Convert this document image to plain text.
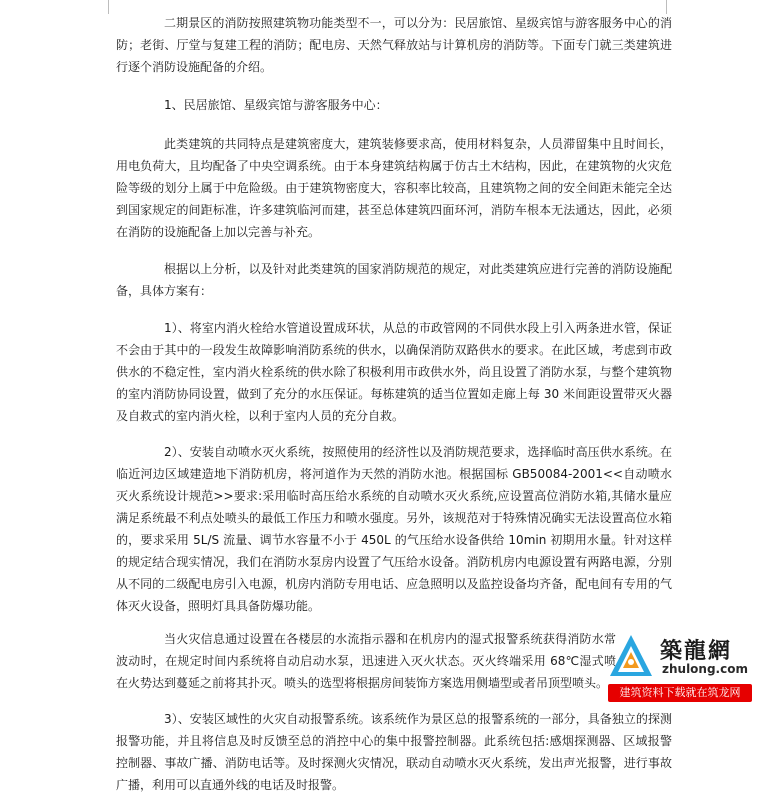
二期景区的消防按照建筑物功能类型不一，可以分为：民居旅馆、星级宾馆与游客服务中心的消防；老街、厅堂与复建工程的消防；配电房、天然气释放站与计算机房的消防等。下面专门就三类建筑进行逐个消防设施配备的介绍。

1、民居旅馆、星级宾馆与游客服务中心：

此类建筑的共同特点是建筑密度大，建筑装修要求高，使用材料复杂，人员滞留集中且时间长，用电负荷大，且均配备了中央空调系统。由于本身建筑结构属于仿古土木结构，因此，在建筑物的火灾危险等级的划分上属于中危险级。由于建筑物密度大，容积率比较高，且建筑物之间的安全间距未能完全达到国家规定的间距标准，许多建筑临河而建，甚至总体建筑四面环河，消防车根本无法通达，因此，必须在消防的设施配备上加以完善与补充。

根据以上分析，以及针对此类建筑的国家消防规范的规定，对此类建筑应进行完善的消防设施配备，具体方案有：

1）、将室内消火栓给水管道设置成环状，从总的市政管网的不同供水段上引入两条进水管，保证不会由于其中的一段发生故障影响消防系统的供水，以确保消防双路供水的要求。在此区域，考虑到市政供水的不稳定性，室内消火栓系统的供水除了积极利用市政供水外，尚且设置了消防水泵，与整个建筑物的室内消防协同设置，做到了充分的水压保证。每栋建筑的适当位置如走廊上每 30 米间距设置带灭火器及自救式的室内消火栓，以利于室内人员的充分自救。

2）、安装自动喷水灭火系统，按照使用的经济性以及消防规范要求，选择临时高压供水系统。在临近河边区域建造地下消防机房，将河道作为天然的消防水池。根据国标 GB50084-2001<<自动喷水灭火系统设计规范>>要求:采用临时高压给水系统的自动喷水灭火系统,应设置高位消防水箱,其储水量应满足系统最不利点处喷头的最低工作压力和喷水强度。另外，该规范对于特殊情况确实无法设置高位水箱的，要求采用 5L/S 流量、调节水容量不小于 450L 的气压给水设备供给 10min 初期用水量。针对这样的规定结合现实情况，我们在消防水泵房内设置了气压给水设备。消防机房内电源设置有两路电源，分别从不同的二级配电房引入电源，机房内消防专用电话、应急照明以及监控设备均齐备，配电间有专用的气体灭火设备，照明灯具具备防爆功能。

当火灾信息通过设置在各楼层的水流指示器和在机房内的湿式报警系统获得消防水常波动时，在规定时间内系统将自动启动水泵，迅速进入灭火状态。灭火终端采用 68℃湿式喷在火势达到蔓延之前将其扑灭。喷头的选型将根据房间装饰方案选用侧墙型或者吊顶型喷头。

3）、安装区域性的火灾自动报警系统。该系统作为景区总的报警系统的一部分，具备独立的探测报警功能，并且将信息及时反馈至总的消控中心的集中报警控制器。此系统包括:感烟探测器、区域报警控制器、事故广播、消防电话等。及时探测火灾情况，联动自动喷水灭火系统，发出声光报警，进行事故广播，利用可以直通外线的电话及时报警。

築龍網
zhulong.com
建筑资料下载就在筑龙网
